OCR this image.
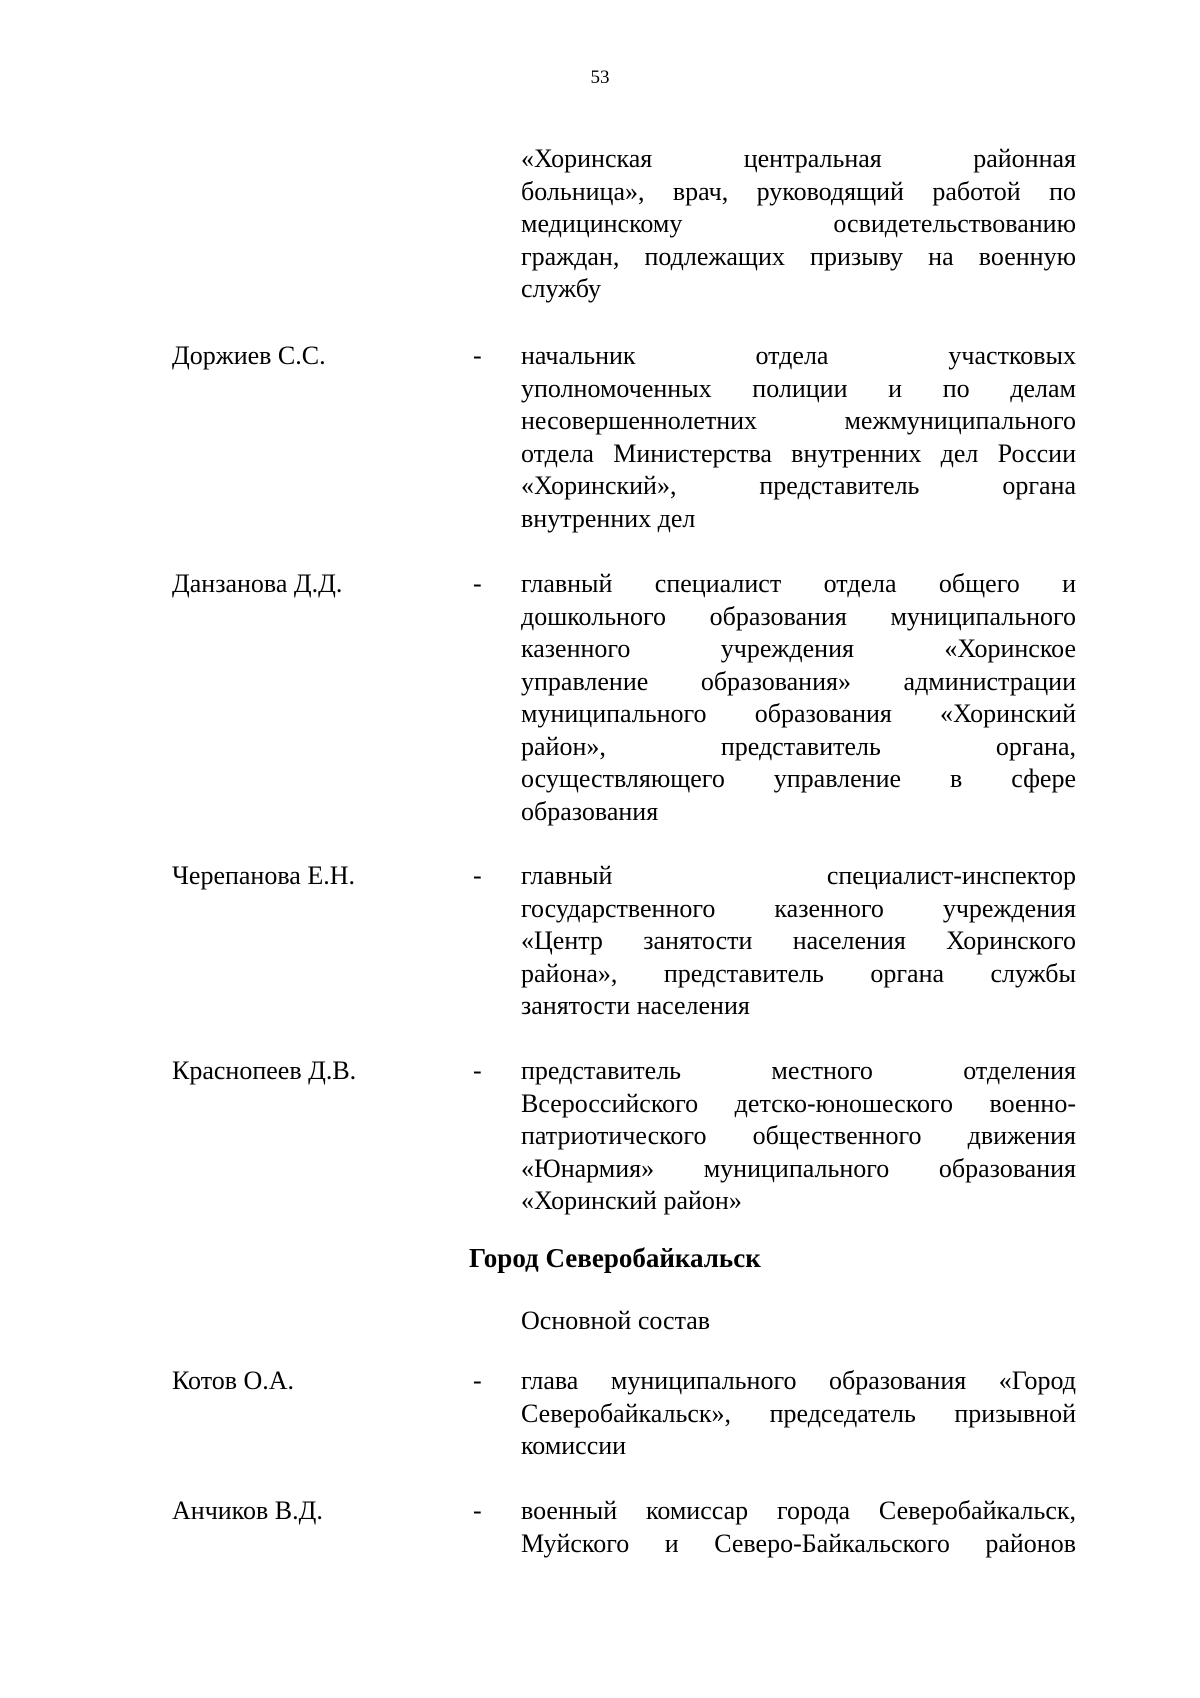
53
«Хоринская центральная районная
больница», врач, руководящий работой по
медицинскому освидетельствованию
граждан, подлежащих призыву на военную
службу
Доржиев С.С.	- начальник отдела участковых
уполномоченных полиции и по делам
несовершеннолетних межмуниципального
отдела Министерства внутренних дел России
«Хоринский», представитель органа
внутренних дел
Данзанова Д.Д.	- главный специалист отдела общего и
дошкольного образования муниципального
казенного учреждения «Хоринское
управление образования» администрации
муниципального образования «Хоринский
район», представитель органа,
осуществляющего управление в сфере
образования
Черепанова Е.Н.	- главный специалист-инспектор
государственного казенного учреждения
«Центр занятости населения Хоринского
района», представитель органа службы
занятости населения
Краснопеев Д.В.	- представитель местного отделения
Всероссийского детско-юношеского военно-
патриотического общественного движения
«Юнармия» муниципального образования
«Хоринский район»
Город Северобайкальск
Основной состав
Котов О.А.	- глава муниципального образования «Город
Северобайкальск», председатель призывной
комиссии
Анчиков В.Д.	- военный комиссар города Северобайкальск,
Муйского и Северо-Байкальского районов
